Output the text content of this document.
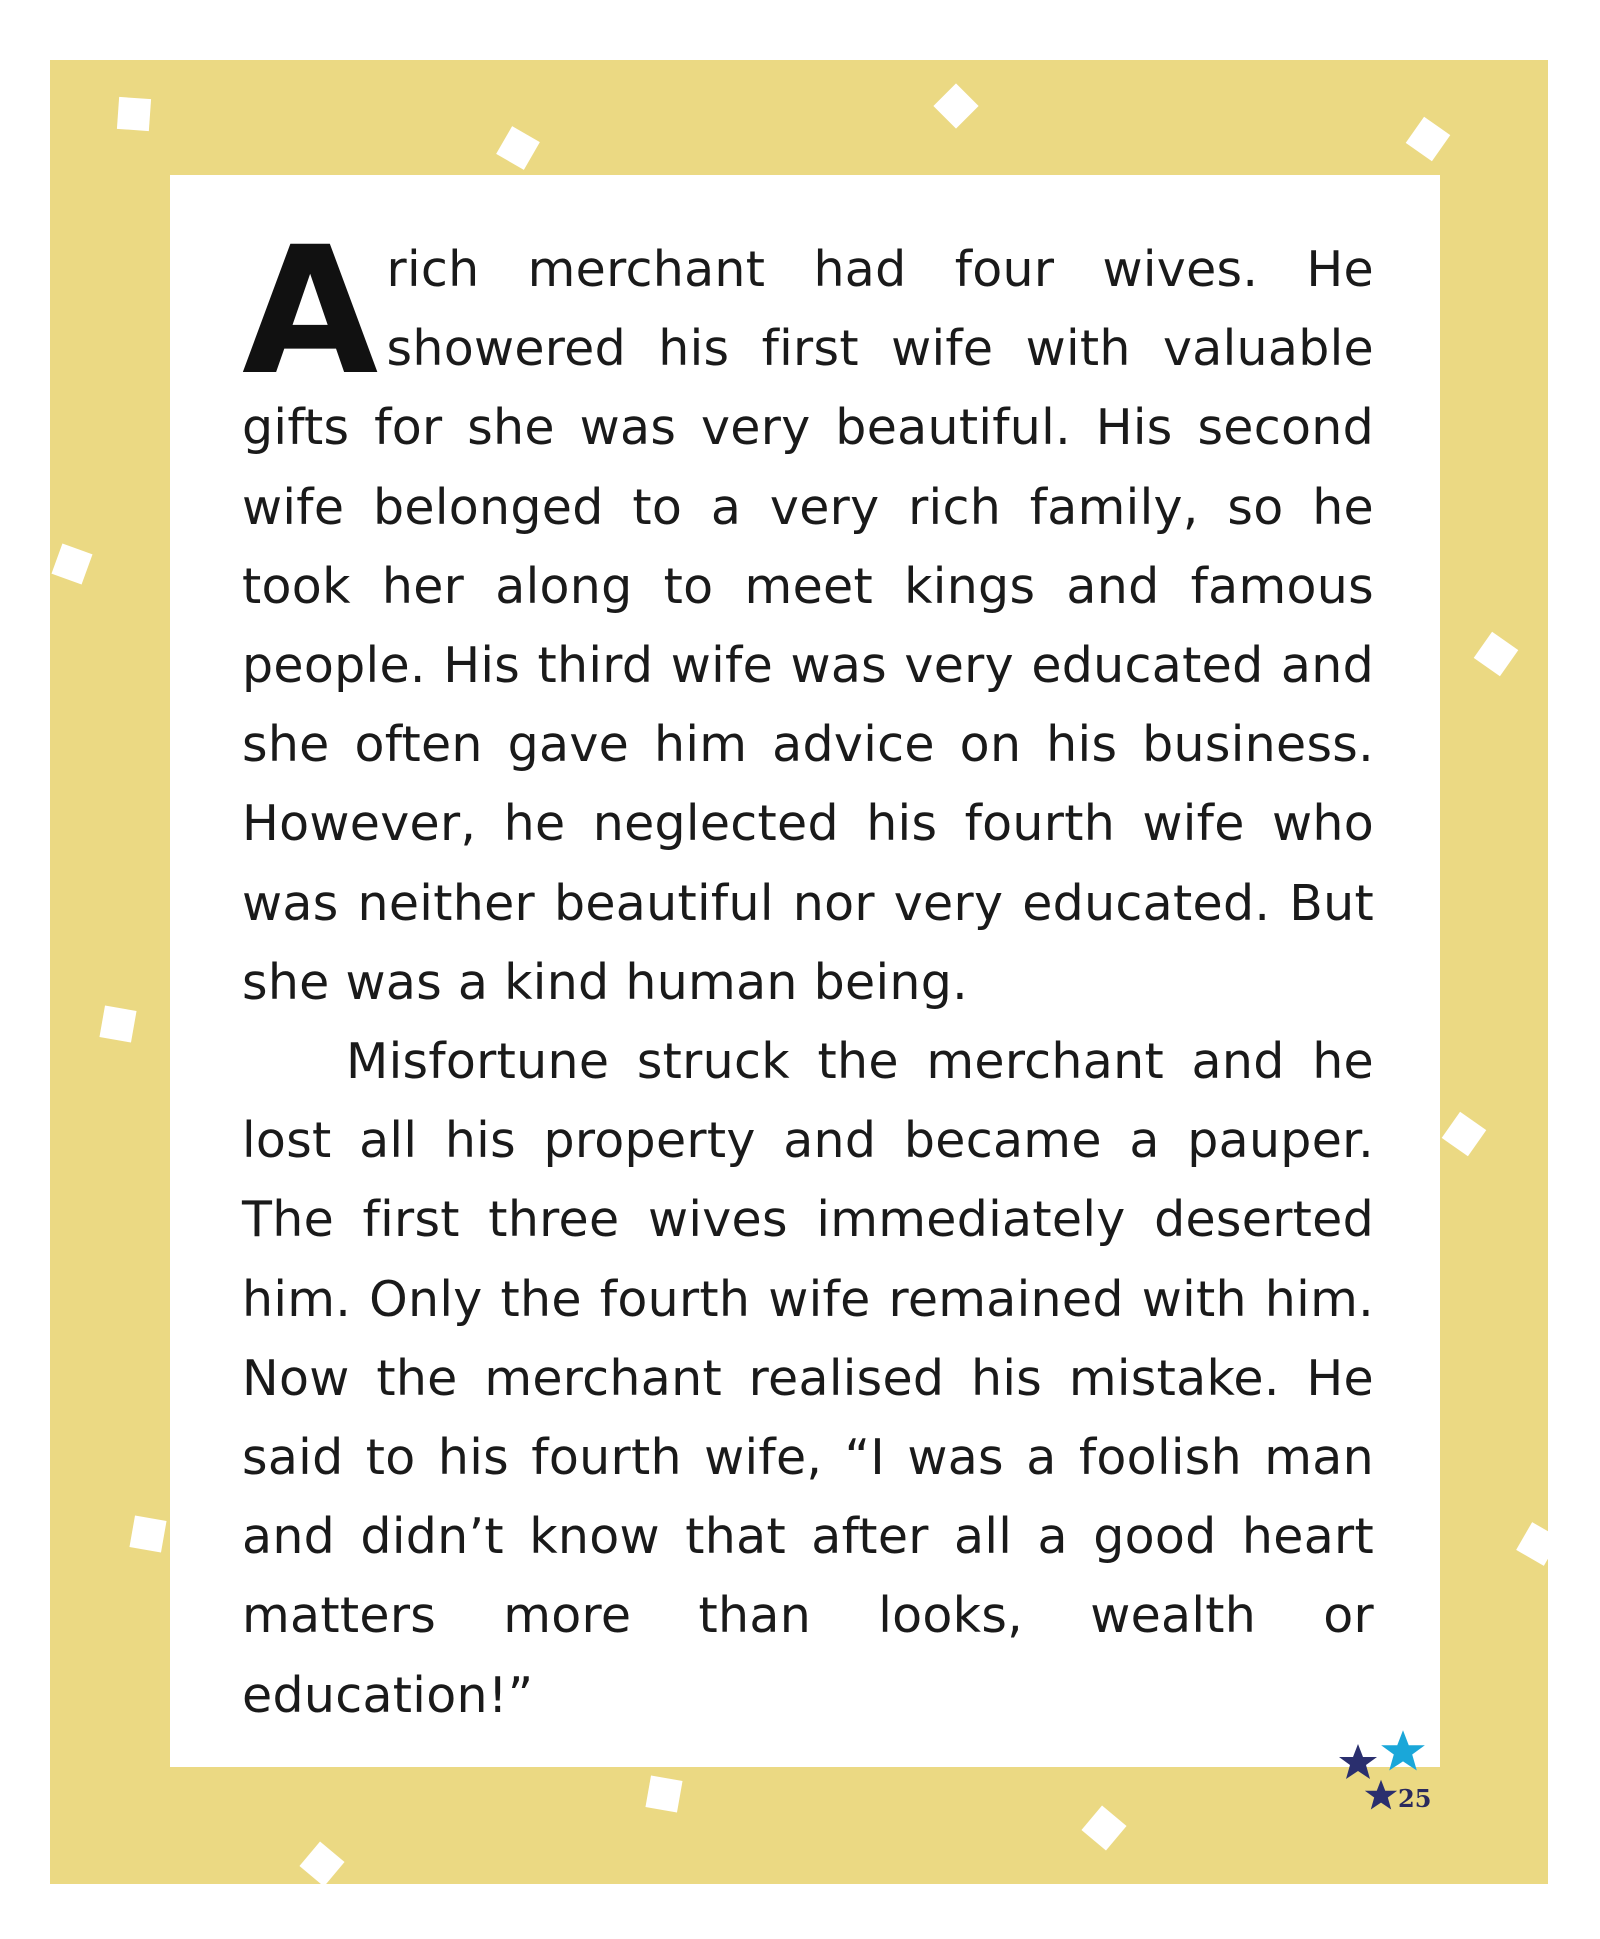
Arich merchant had four wives. He showered his first wife with valuable gifts for she was very beautiful. His second wife belonged to a very rich family, so he took her along to meet kings and famous people. His third wife was very educated and she often gave him advice on his business. However, he neglected his fourth wife who was neither beautiful nor very educated. But she was a kind human being.

Misfortune struck the merchant and he lost all his property and became a pauper. The first three wives immediately deserted him. Only the fourth wife remained with him. Now the merchant realised his mistake. He said to his fourth wife, “I was a foolish man and didn’t know that after all a good heart matters more than looks, wealth or education!”

25
